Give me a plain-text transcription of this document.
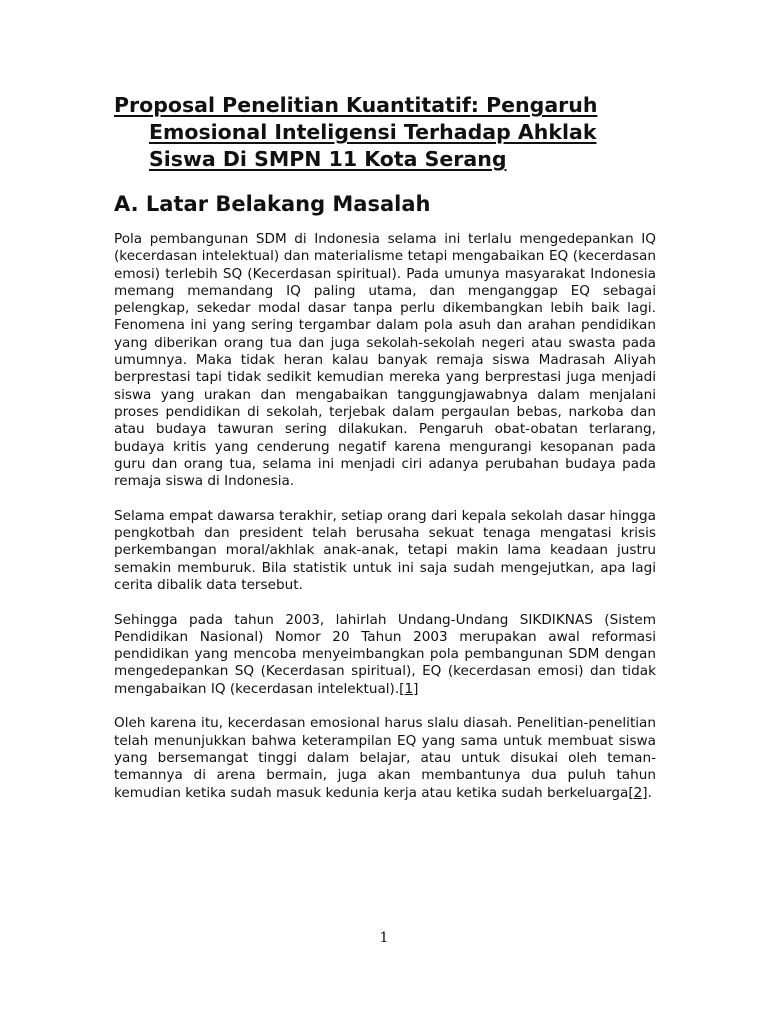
Proposal Penelitian Kuantitatif: Pengaruh Emosional Inteligensi Terhadap Ahklak Siswa Di SMPN 11 Kota Serang
A. Latar Belakang Masalah

Pola pembangunan SDM di Indonesia selama ini terlalu mengedepankan IQ (kecerdasan intelektual) dan materialisme tetapi mengabaikan EQ (kecerdasan emosi) terlebih SQ (Kecerdasan spiritual). Pada umunya masyarakat Indonesia memang memandang IQ paling utama, dan menganggap EQ sebagai pelengkap, sekedar modal dasar tanpa perlu dikembangkan lebih baik lagi. Fenomena ini yang sering tergambar dalam pola asuh dan arahan pendidikan yang diberikan orang tua dan juga sekolah-sekolah negeri atau swasta pada umumnya. Maka tidak heran kalau banyak remaja siswa Madrasah Aliyah berprestasi tapi tidak sedikit kemudian mereka yang berprestasi juga menjadi siswa yang urakan dan mengabaikan tanggungjawabnya dalam menjalani proses pendidikan di sekolah, terjebak dalam pergaulan bebas, narkoba dan atau budaya tawuran sering dilakukan. Pengaruh obat-obatan terlarang, budaya kritis yang cenderung negatif karena mengurangi kesopanan pada guru dan orang tua, selama ini menjadi ciri adanya perubahan budaya pada remaja siswa di Indonesia.

Selama empat dawarsa terakhir, setiap orang dari kepala sekolah dasar hingga pengkotbah dan president telah berusaha sekuat tenaga mengatasi krisis perkembangan moral/akhlak anak-anak, tetapi makin lama keadaan justru semakin memburuk. Bila statistik untuk ini saja sudah mengejutkan, apa lagi cerita dibalik data tersebut.

Sehingga pada tahun 2003, lahirlah Undang-Undang SIKDIKNAS (Sistem Pendidikan Nasional) Nomor 20 Tahun 2003 merupakan awal reformasi pendidikan yang mencoba menyeimbangkan pola pembangunan SDM dengan mengedepankan SQ (Kecerdasan spiritual), EQ (kecerdasan emosi) dan tidak mengabaikan IQ (kecerdasan intelektual).[1]

Oleh karena itu, kecerdasan emosional harus slalu diasah. Penelitian-penelitian telah menunjukkan bahwa keterampilan EQ yang sama untuk membuat siswa yang bersemangat tinggi dalam belajar, atau untuk disukai oleh teman-temannya di arena bermain, juga akan membantunya dua puluh tahun kemudian ketika sudah masuk kedunia kerja atau ketika sudah berkeluarga[2].

1
